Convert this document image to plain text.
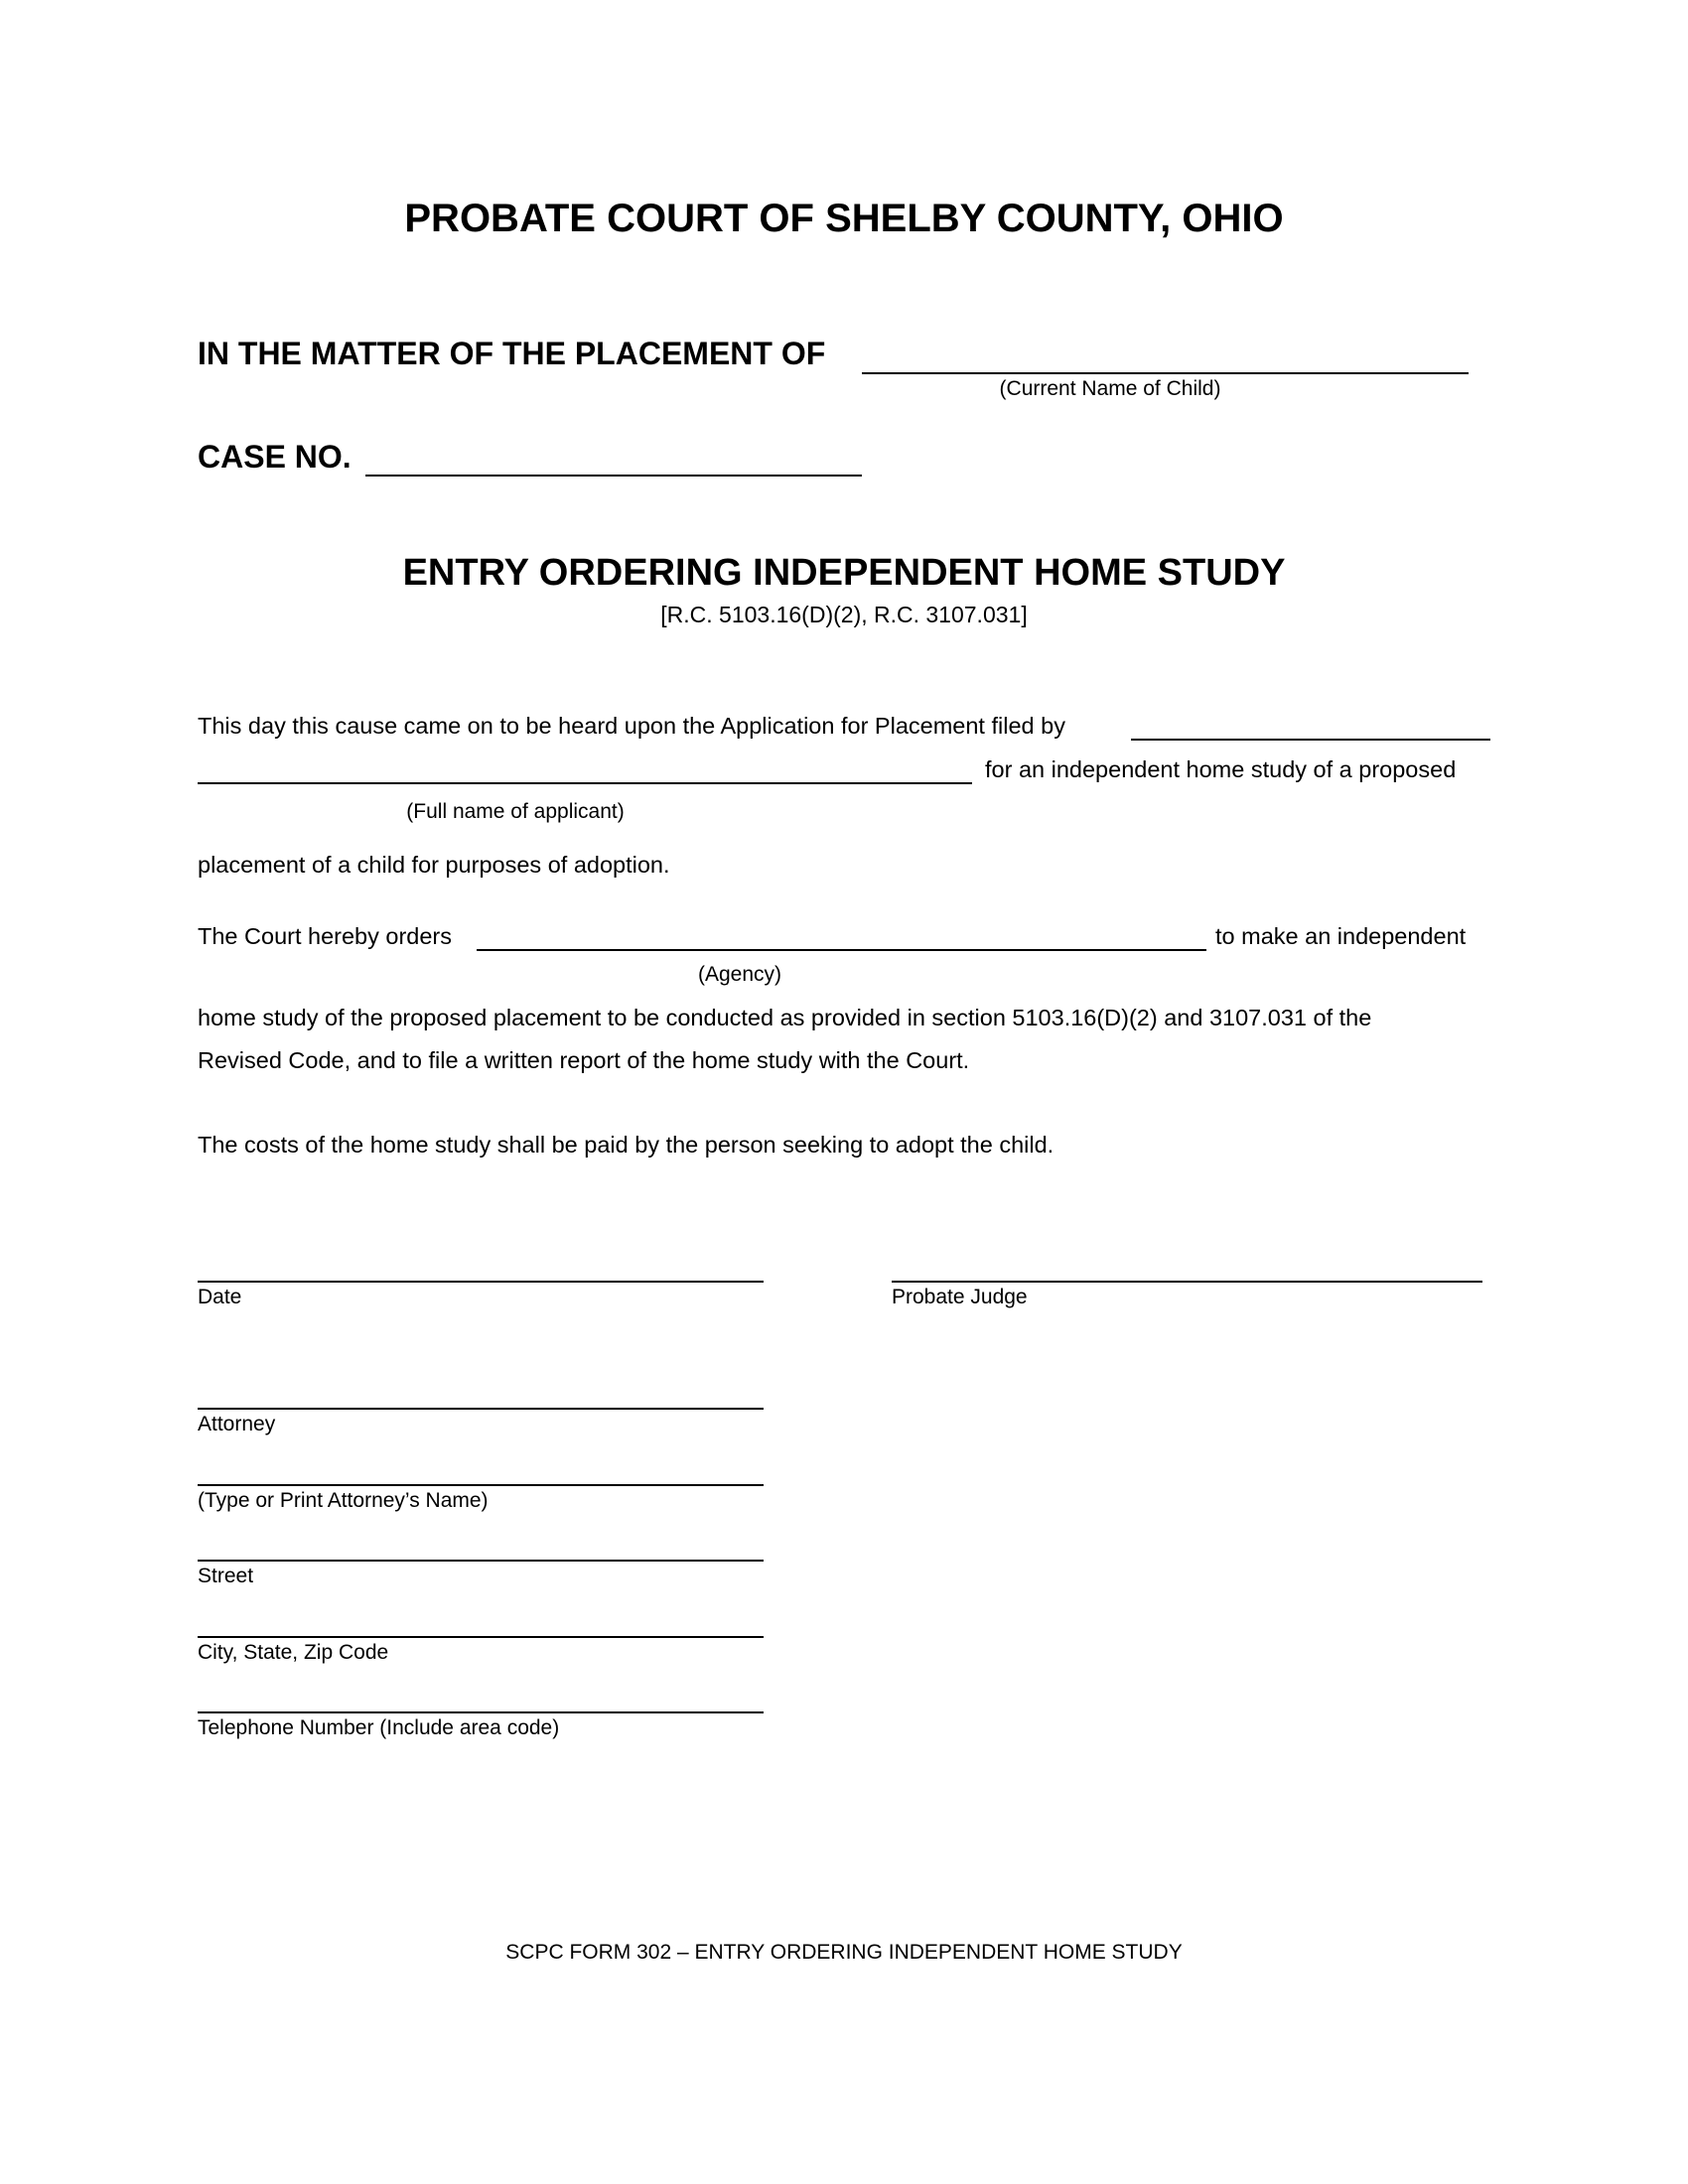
PROBATE COURT OF SHELBY COUNTY, OHIO
IN THE MATTER OF THE PLACEMENT OF
(Current Name of Child)
CASE NO.
ENTRY ORDERING INDEPENDENT HOME STUDY
[R.C. 5103.16(D)(2), R.C. 3107.031]
This day this cause came on to be heard upon the Application for Placement filed by
for an independent home study of a proposed
(Full name of applicant)
placement of a child for purposes of adoption.
The Court hereby orders	to make an independent
(Agency)
home study of the proposed placement to be conducted as provided in section 5103.16(D)(2) and 3107.031 of the
Revised Code, and to file a written report of the home study with the Court.
The costs of the home study shall be paid by the person seeking to adopt the child.
Date	Probate Judge
Attorney
(Type or Print Attorney’s Name)
Street
City, State, Zip Code
Telephone Number (Include area code)
SCPC FORM 302 – ENTRY ORDERING INDEPENDENT HOME STUDY
